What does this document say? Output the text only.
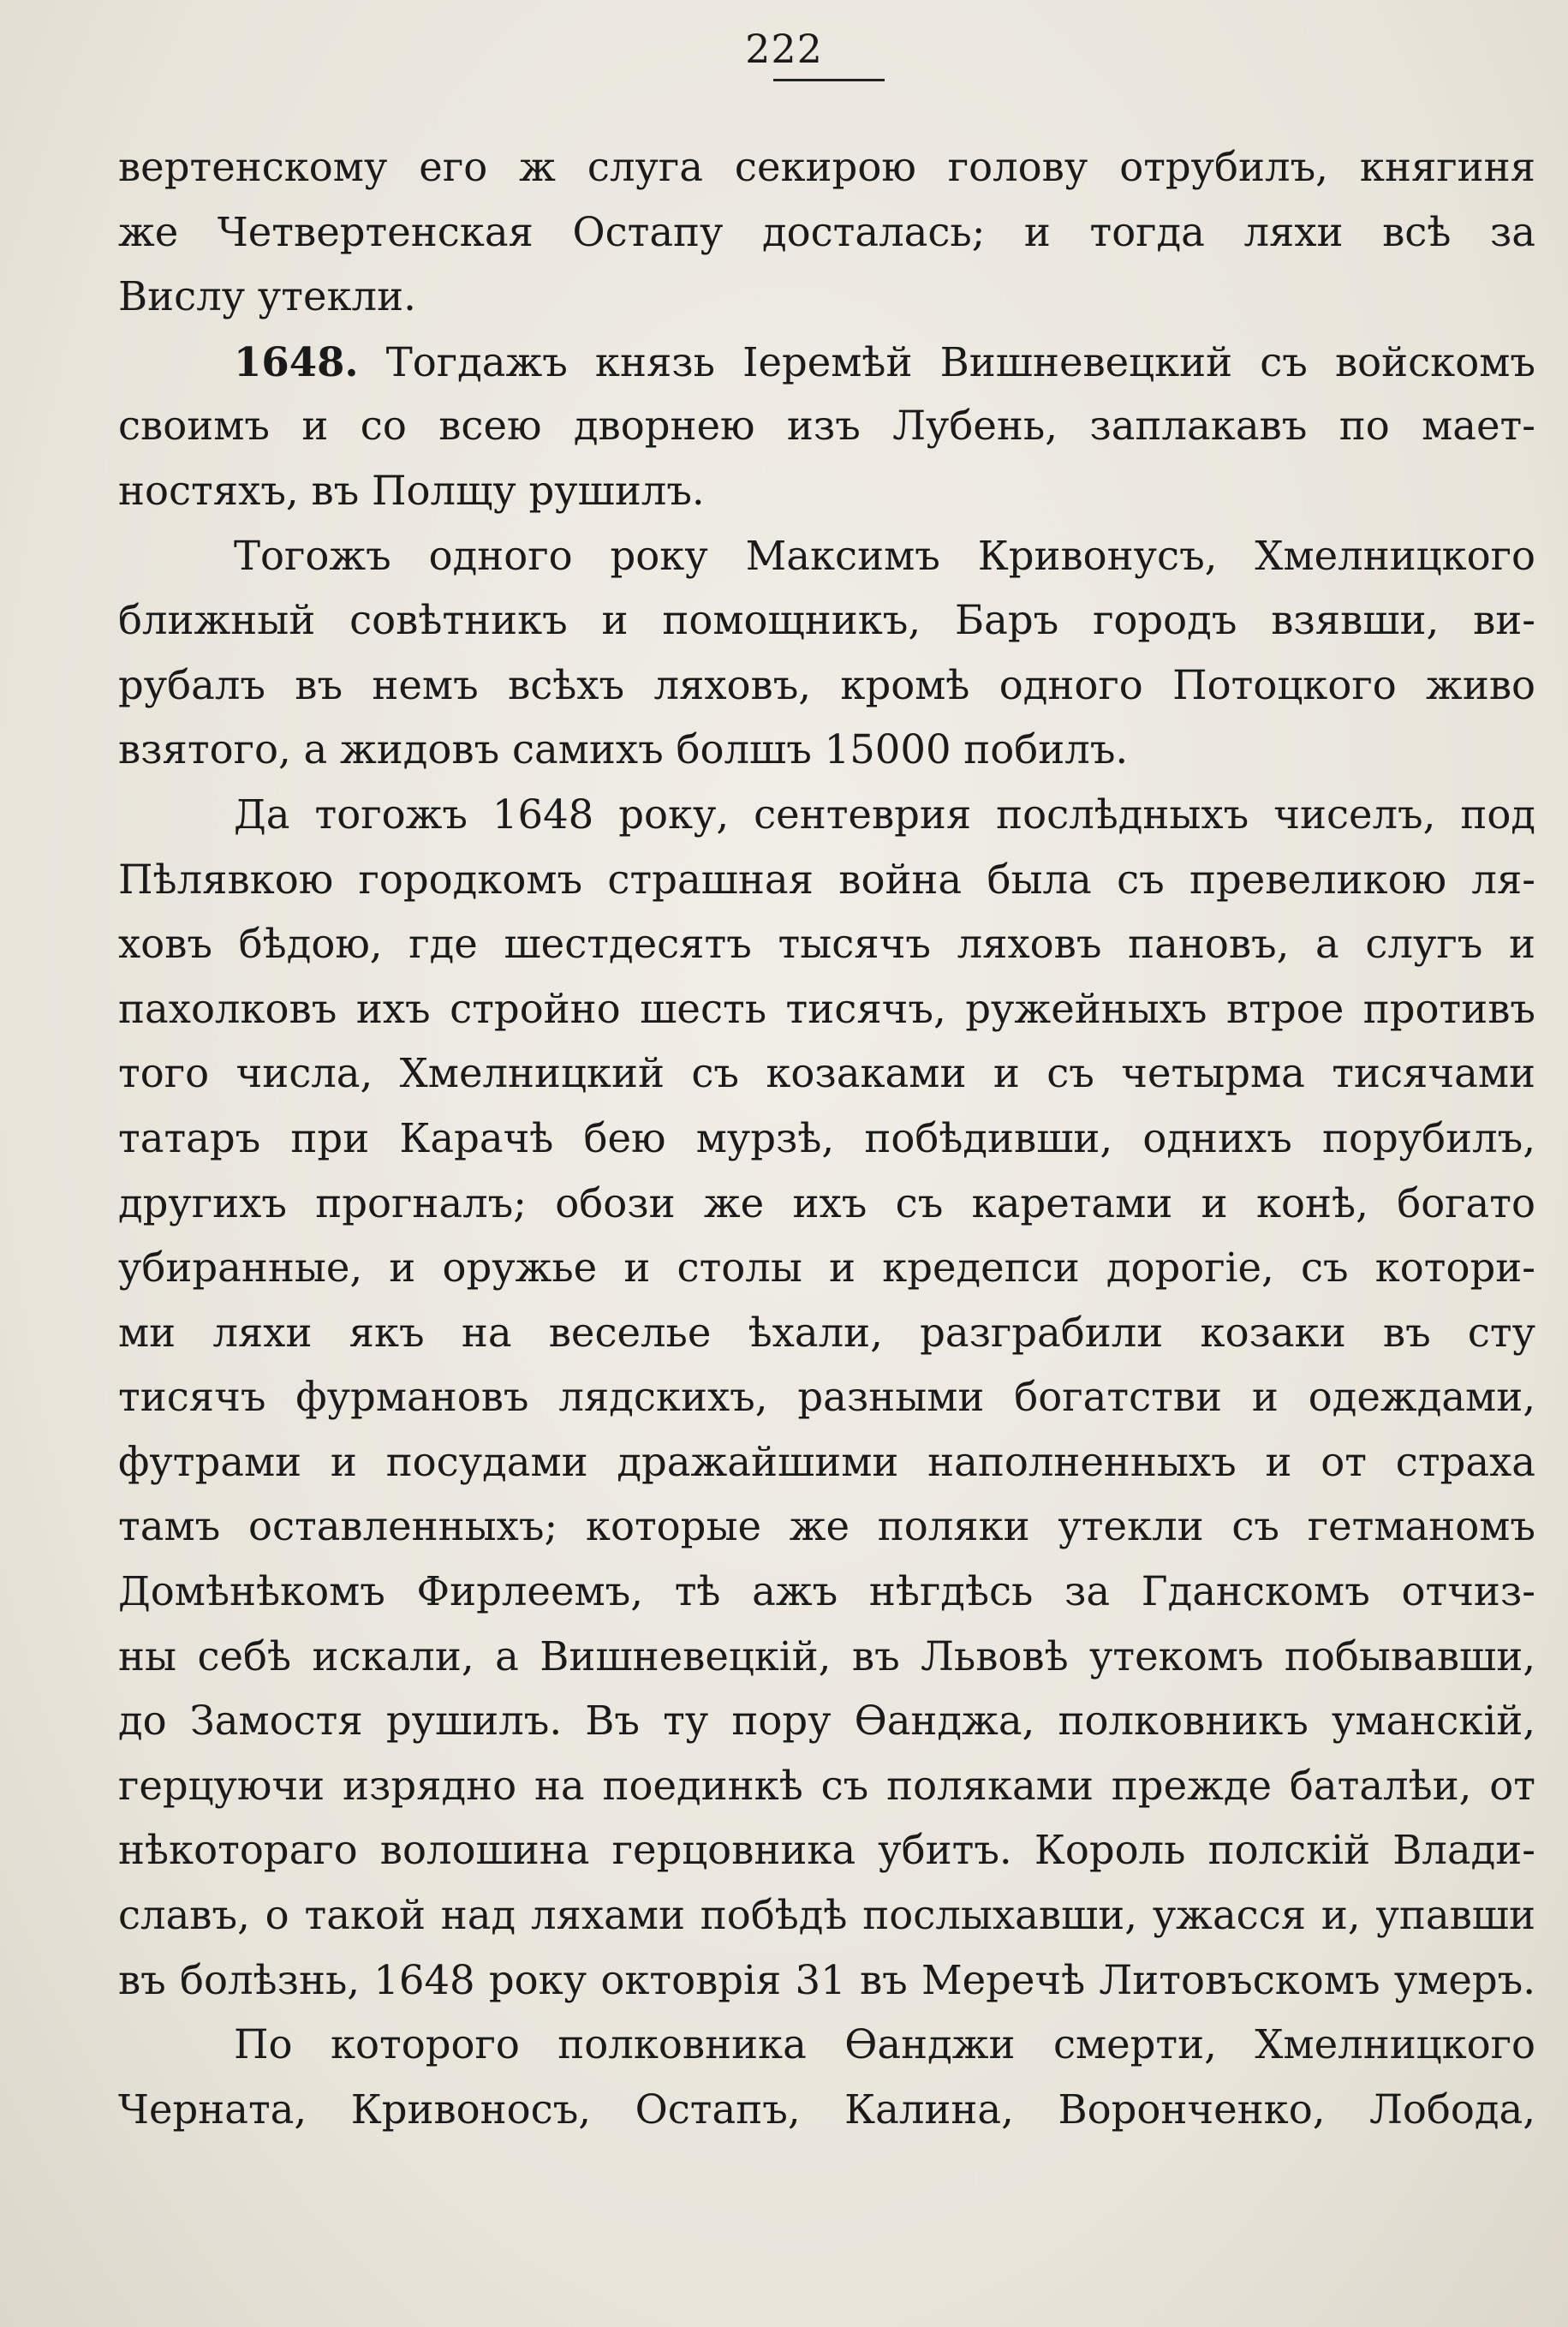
222
вертенскому его ж слуга секирою голову отрубилъ, княгиня
же Четвертенская Остапу досталась; и тогда ляхи всѣ за
Вислу утекли.
1648. Тогдажъ князь Іеремѣй Вишневецкий съ войскомъ
своимъ и со всею дворнею изъ Лубень, заплакавъ по мает-
ностяхъ, въ Полщу рушилъ.
Тогожъ одного року Максимъ Кривонусъ, Хмелницкого
ближный совѣтникъ и помощникъ, Баръ городъ взявши, ви-
рубалъ въ немъ всѣхъ ляховъ, кромѣ одного Потоцкого живо
взятого, а жидовъ самихъ болшъ 15000 побилъ.
Да тогожъ 1648 року, сентеврия послѣдныхъ чиселъ, под
Пѣлявкою городкомъ страшная война была съ превеликою ля-
ховъ бѣдою, где шестдесятъ тысячъ ляховъ пановъ, а слугъ и
пахолковъ ихъ стройно шесть тисячъ, ружейныхъ втрое противъ
того числа, Хмелницкий съ козаками и съ четырма тисячами
татаръ при Карачѣ бею мурзѣ, побѣдивши, однихъ порубилъ,
другихъ прогналъ; обози же ихъ съ каретами и конѣ, богато
убиранные, и оружье и столы и кредепси дорогіе, съ котори-
ми ляхи якъ на веселье ѣхали, разграбили козаки въ сту
тисячъ фурмановъ лядскихъ, разными богатстви и одеждами,
футрами и посудами дражайшими наполненныхъ и от страха
тамъ оставленныхъ; которые же поляки утекли съ гетманомъ
Домѣнѣкомъ Фирлеемъ, тѣ ажъ нѣгдѣсь за Гданскомъ отчиз-
ны себѣ искали, а Вишневецкій, въ Львовѣ утекомъ побывавши,
до Замостя рушилъ. Въ ту пору Ѳанджа, полковникъ уманскій,
герцуючи изрядно на поединкѣ съ поляками прежде баталѣи, от
нѣкотораго волошина герцовника убитъ. Король полскій Влади-
славъ, о такой над ляхами побѣдѣ послыхавши, ужасся и, упавши
въ болѣзнь, 1648 року октоврія 31 въ Меречѣ Литовъскомъ умеръ.
По которого полковника Ѳанджи смерти, Хмелницкого
Черната, Кривоносъ, Остапъ, Калина, Ворончeнко, Лобода,
